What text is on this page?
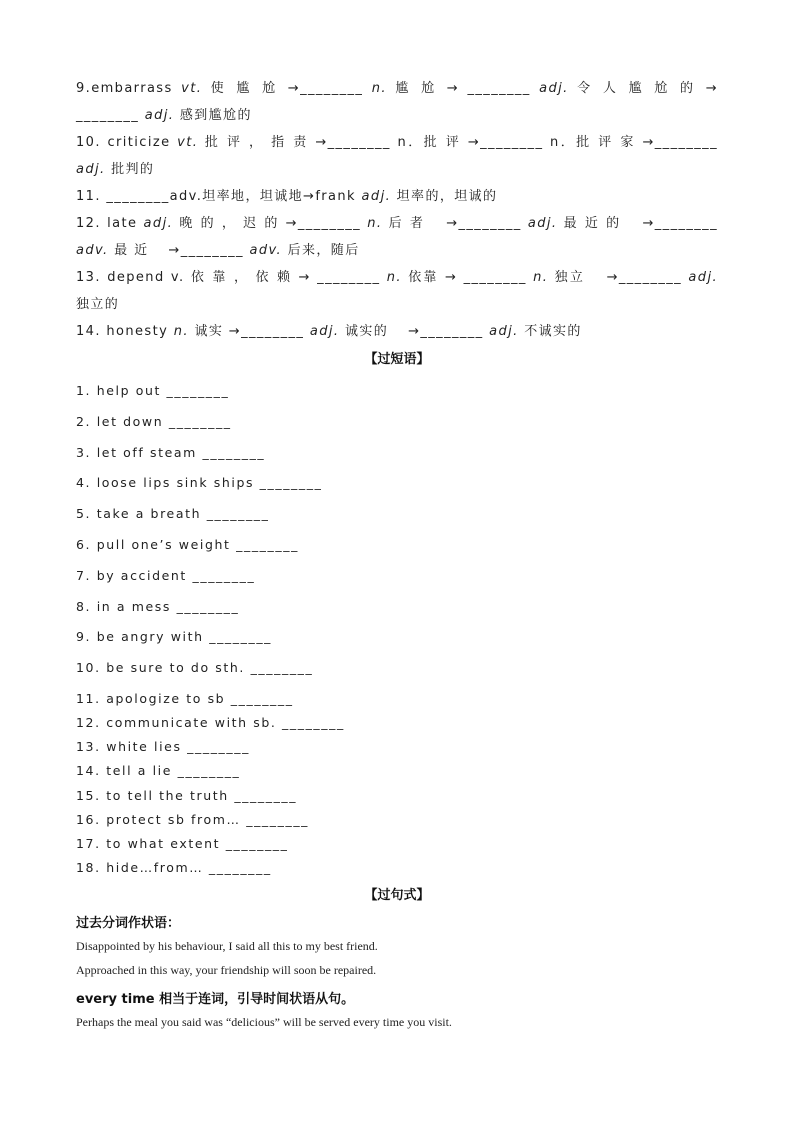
9.embarrass vt. 使 尴 尬 →________ n. 尴 尬 → ________ adj. 令 人 尴 尬 的 →
________ adj. 感到尴尬的
10. criticize vt. 批 评 ， 指 责 →________ n．批 评 →________ n．批 评 家 →________
adj. 批判的
11. ________adv.坦率地，坦诚地→frank adj. 坦率的，坦诚的
12. late adj. 晚 的 ， 迟 的 →________ n. 后 者 　→________ adj. 最 近 的 　→________
adv. 最 近 　→________ adv. 后来，随后
13. depend v. 依 靠 ， 依 赖 → ________ n. 依靠 → ________ n. 独立 　→________ adj.
独立的
14. honesty n. 诚实 →________ adj. 诚实的 　→________ adj. 不诚实的
【过短语】
1. help out ________
2. let down ________
3. let off steam ________
4. loose lips sink ships ________
5. take a breath ________
6. pull one’s weight ________
7. by accident ________
8. in a mess ________
9. be angry with ________
10. be sure to do sth. ________
11. apologize to sb ________
12. communicate with sb. ________
13. white lies ________
14. tell a lie ________
15. to tell the truth ________
16. protect sb from… ________
17. to what extent ________
18. hide…from… ________
【过句式】
过去分词作状语：
Disappointed by his behaviour, I said all this to my best friend.
Approached in this way, your friendship will soon be repaired.
every time 相当于连词，引导时间状语从句。
Perhaps the meal you said was “delicious” will be served every time you visit.
